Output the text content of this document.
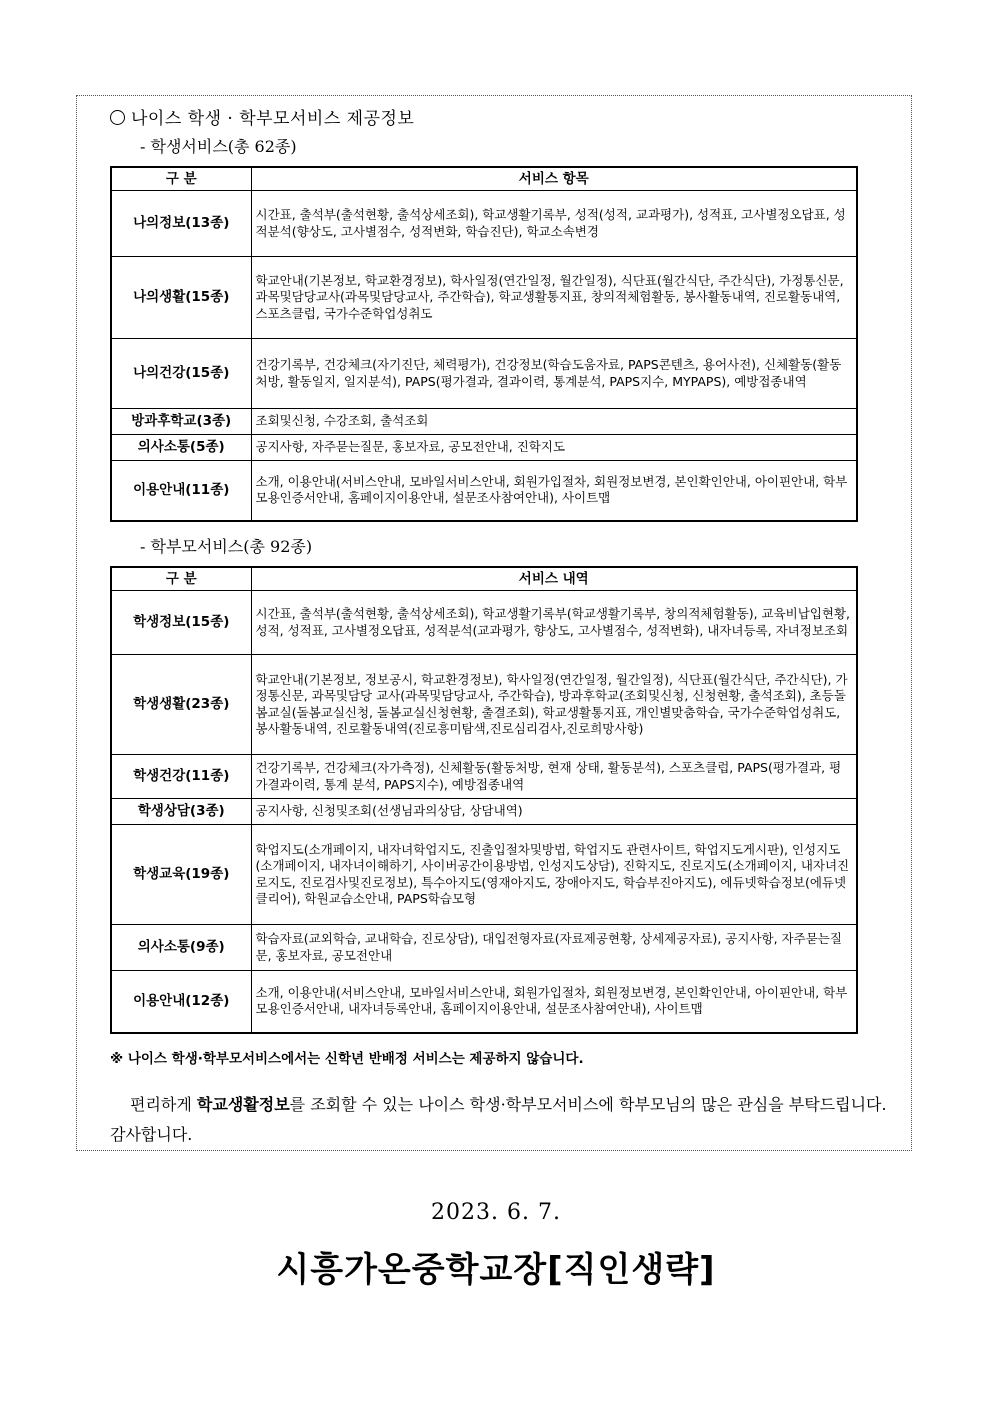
나이스 학생 · 학부모서비스 제공정보
- 학생서비스(총 62종)
구 분	서비스 항목
나의정보(13종)	시간표, 출석부(출석현황, 출석상세조회), 학교생활기록부, 성적(성적, 교과평가), 성적표, 고사별정오답표, 성적분석(향상도, 고사별점수, 성적변화, 학습진단), 학교소속변경
나의생활(15종)	학교안내(기본정보, 학교환경정보), 학사일정(연간일정, 월간일정), 식단표(월간식단, 주간식단), 가정통신문, 과목및담당교사(과목및담당교사, 주간학습), 학교생활통지표, 창의적체험활동, 봉사활동내역, 진로활동내역, 스포츠클럽, 국가수준학업성취도
나의건강(15종)	건강기록부, 건강체크(자기진단, 체력평가), 건강정보(학습도움자료, PAPS콘텐츠, 용어사전), 신체활동(활동처방, 활동일지, 일지분석), PAPS(평가결과, 결과이력, 통계분석, PAPS지수, MYPAPS), 예방접종내역
방과후학교(3종)	조회및신청, 수강조회, 출석조회
의사소통(5종)	공지사항, 자주묻는질문, 홍보자료, 공모전안내, 진학지도
이용안내(11종)	소개, 이용안내(서비스안내, 모바일서비스안내, 회원가입절차, 회원정보변경, 본인확인안내, 아이핀안내, 학부모용인증서안내, 홈페이지이용안내, 설문조사참여안내), 사이트맵
- 학부모서비스(총 92종)
구 분	서비스 내역
학생정보(15종)	시간표, 출석부(출석현황, 출석상세조회), 학교생활기록부(학교생활기록부, 창의적체험활동), 교육비납입현황, 성적, 성적표, 고사별정오답표, 성적분석(교과평가, 향상도, 고사별점수, 성적변화), 내자녀등록, 자녀정보조회
학생생활(23종)	학교안내(기본정보, 정보공시, 학교환경정보), 학사일정(연간일정, 월간일정), 식단표(월간식단, 주간식단), 가정통신문, 과목및담당 교사(과목및담당교사, 주간학습), 방과후학교(조회및신청, 신청현황, 출석조회), 초등돌봄교실(돌봄교실신청, 돌봄교실신청현황, 출결조회), 학교생활통지표, 개인별맞춤학습, 국가수준학업성취도, 봉사활동내역, 진로활동내역(진로흥미탐색,진로심리검사,진로희망사항)
학생건강(11종)	건강기록부, 건강체크(자가측정), 신체활동(활동처방, 현재 상태, 활동분석), 스포츠클럽, PAPS(평가결과, 평가결과이력, 통계 분석, PAPS지수), 예방접종내역
학생상담(3종)	공지사항, 신청및조회(선생님과의상담, 상담내역)
학생교육(19종)	학업지도(소개페이지, 내자녀학업지도, 진출입절차및방법, 학업지도 관련사이트, 학업지도게시판), 인성지도(소개페이지, 내자녀이해하기, 사이버공간이용방법, 인성지도상담), 진학지도, 진로지도(소개페이지, 내자녀진로지도, 진로검사및진로정보), 특수아지도(영재아지도, 장애아지도, 학습부진아지도), 에듀넷학습정보(에듀넷 클리어), 학원교습소안내, PAPS학습모형
의사소통(9종)	학습자료(교외학습, 교내학습, 진로상담), 대입전형자료(자료제공현황, 상세제공자료), 공지사항, 자주묻는질문, 홍보자료, 공모전안내
이용안내(12종)	소개, 이용안내(서비스안내, 모바일서비스안내, 회원가입절차, 회원정보변경, 본인확인안내, 아이핀안내, 학부모용인증서안내, 내자녀등록안내, 홈페이지이용안내, 설문조사참여안내), 사이트맵
※ 나이스 학생·학부모서비스에서는 신학년 반배정 서비스는 제공하지 않습니다.
편리하게 학교생활정보를 조회할 수 있는 나이스 학생·학부모서비스에 학부모님의 많은 관심을 부탁드립니다. 감사합니다.
2023. 6. 7.
시흥가온중학교장[직인생략]
